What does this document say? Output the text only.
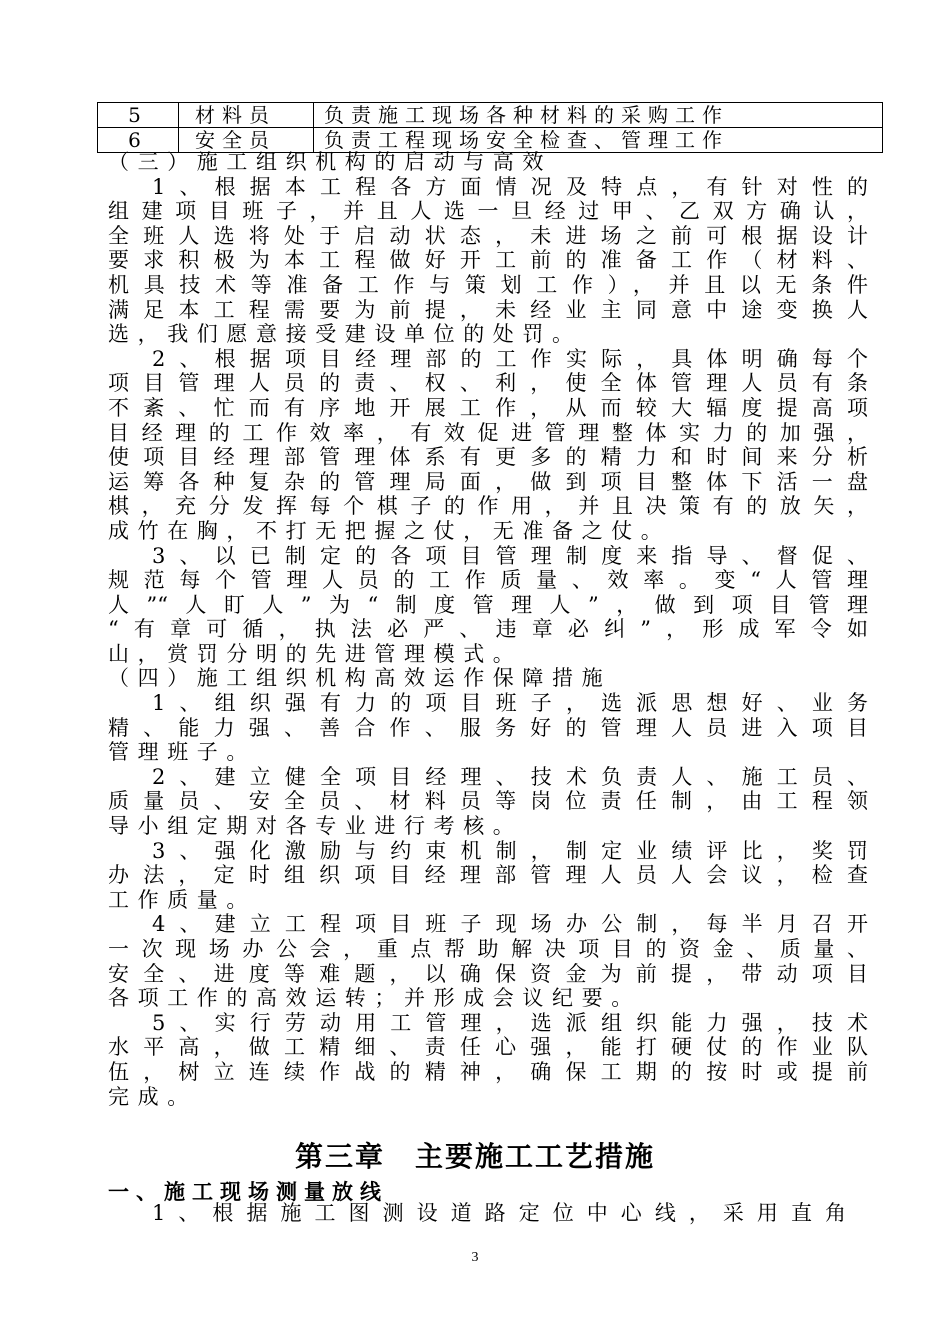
5	材料员	负责施工现场各种材料的采购工作
6	安全员	负责工程现场安全检查、管理工作
（三）施工组织机构的启动与高效
1、根据本工程各方面情况及特点，有针对性的
组建项目班子，并且人选一旦经过甲、乙双方确认，
全班人选将处于启动状态，未进场之前可根据设计
要求积极为本工程做好开工前的准备工作（材料、
机具技术等准备工作与策划工作），并且以无条件
满足本工程需要为前提，未经业主同意中途变换人
选，我们愿意接受建设单位的处罚。
2、根据项目经理部的工作实际，具体明确每个
项目管理人员的责、权、利，使全体管理人员有条
不紊、忙而有序地开展工作，从而较大辐度提高项
目经理的工作效率，有效促进管理整体实力的加强，
使项目经理部管理体系有更多的精力和时间来分析
运筹各种复杂的管理局面，做到项目整体下活一盘
棋，充分发挥每个棋子的作用，并且决策有的放矢，
成竹在胸，不打无把握之仗，无准备之仗。
3、以已制定的各项目管理制度来指导、督促、
规范每个管理人员的工作质量、效率。变“人管理
人”“人盯人”为“制度管理人”，做到项目管理
“有章可循，执法必严、违章必纠”，形成军令如
山，赏罚分明的先进管理模式。
（四）施工组织机构高效运作保障措施
1、组织强有力的项目班子，选派思想好、业务
精、能力强、善合作、服务好的管理人员进入项目
管理班子。
2、建立健全项目经理、技术负责人、施工员、
质量员、安全员、材料员等岗位责任制，由工程领
导小组定期对各专业进行考核。
3、强化激励与约束机制，制定业绩评比，奖罚
办法，定时组织项目经理部管理人员人会议，检查
工作质量。
4、建立工程项目班子现场办公制，每半月召开
一次现场办公会，重点帮助解决项目的资金、质量、
安全、进度等难题，以确保资金为前提，带动项目
各项工作的高效运转；并形成会议纪要。
5、实行劳动用工管理，选派组织能力强，技术
水平高，做工精细、责任心强，能打硬仗的作业队
伍，树立连续作战的精神，确保工期的按时或提前
完成。
第三章　主要施工工艺措施
一、施工现场测量放线
1、根据施工图测设道路定位中心线，采用直角
3
